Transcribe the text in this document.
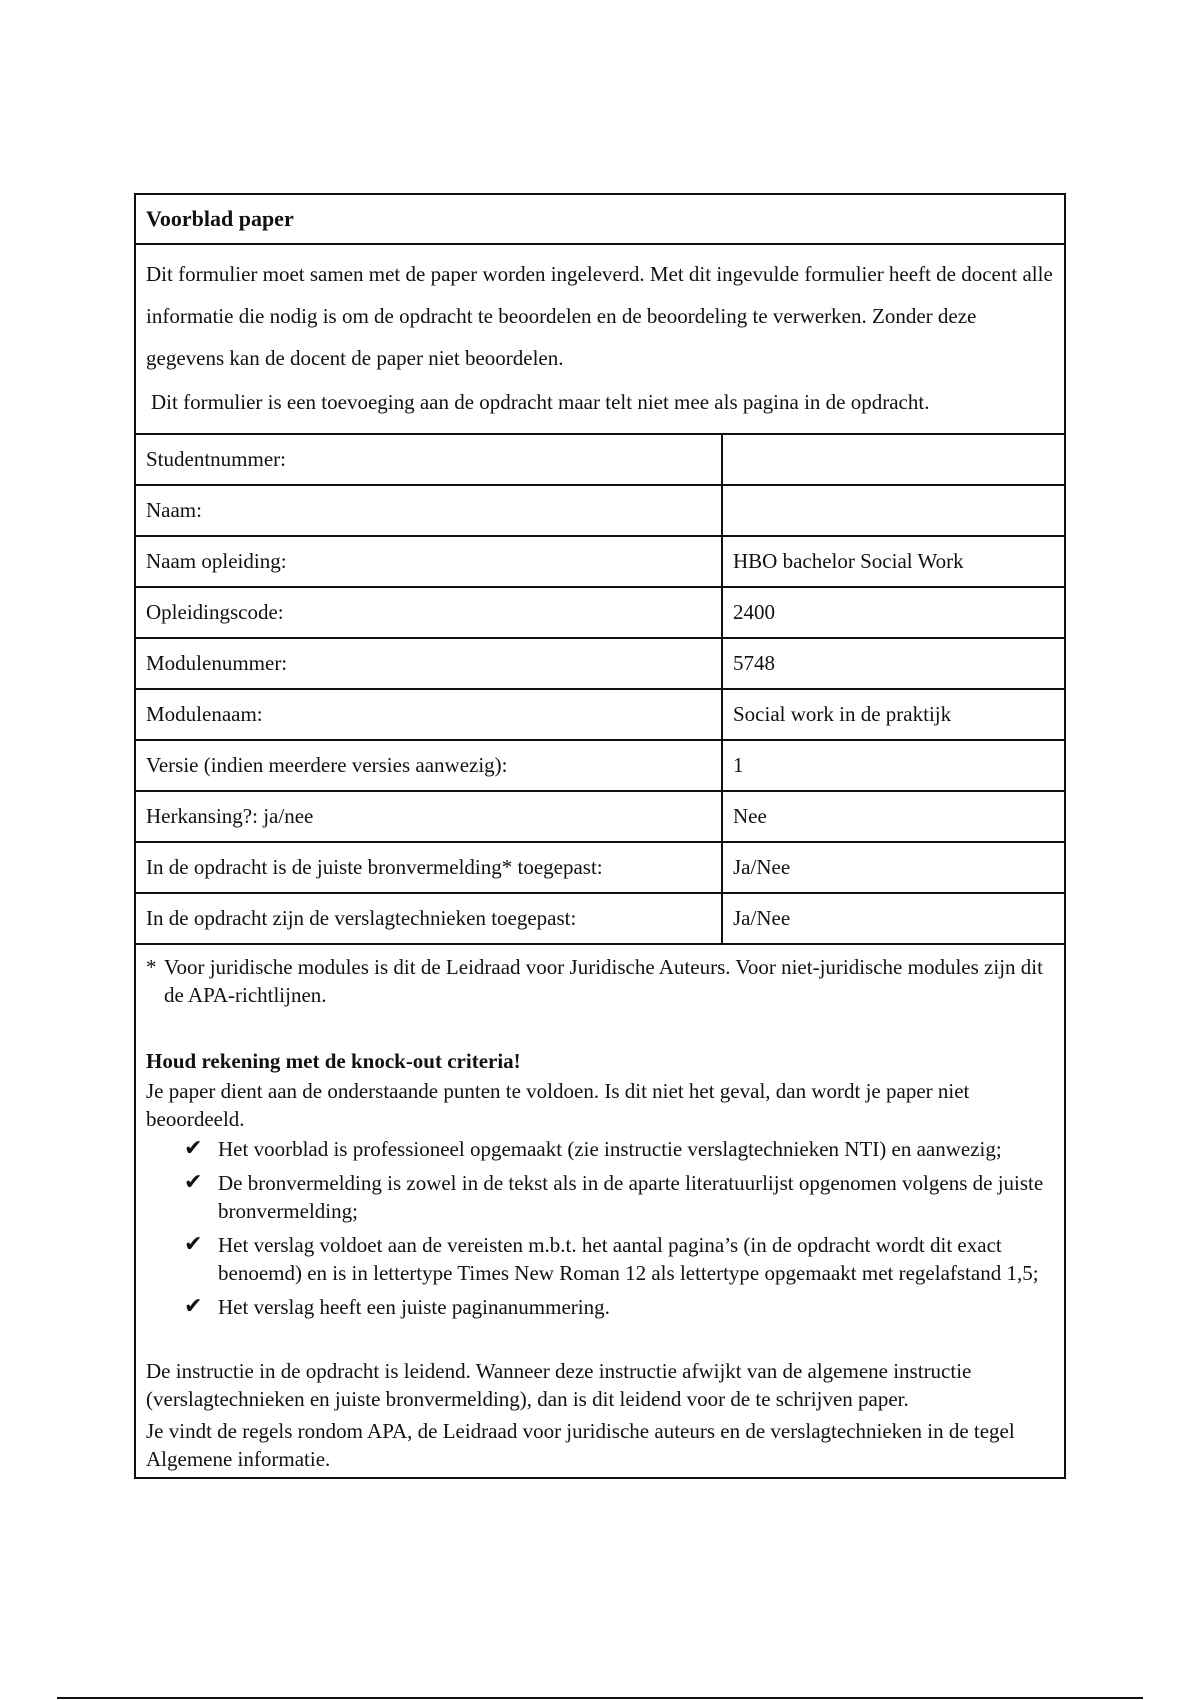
Voorblad paper

Dit formulier moet samen met de paper worden ingeleverd. Met dit ingevulde formulier heeft de docent alle informatie die nodig is om de opdracht te beoordelen en de beoordeling te verwerken. Zonder deze gegevens kan de docent de paper niet beoordelen.

Dit formulier is een toevoeging aan de opdracht maar telt niet mee als pagina in de opdracht.

Studentnummer:
Naam:
Naam opleiding:	HBO bachelor Social Work
Opleidingscode:	2400
Modulenummer:	5748
Modulenaam:	Social work in de praktijk
Versie (indien meerdere versies aanwezig):	1
Herkansing?: ja/nee	Nee
In de opdracht is de juiste bronvermelding* toegepast:	Ja/Nee
In de opdracht zijn de verslagtechnieken toegepast:	Ja/Nee

* Voor juridische modules is dit de Leidraad voor Juridische Auteurs. Voor niet-juridische modules zijn dit de APA-richtlijnen.

Houd rekening met de knock-out criteria!

Je paper dient aan de onderstaande punten te voldoen. Is dit niet het geval, dan wordt je paper niet beoordeeld.

✔ Het voorblad is professioneel opgemaakt (zie instructie verslagtechnieken NTI) en aanwezig;
✔ De bronvermelding is zowel in de tekst als in de aparte literatuurlijst opgenomen volgens de juiste bronvermelding;
✔ Het verslag voldoet aan de vereisten m.b.t. het aantal pagina’s (in de opdracht wordt dit exact benoemd) en is in lettertype Times New Roman 12 als lettertype opgemaakt met regelafstand 1,5;
✔ Het verslag heeft een juiste paginanummering.

De instructie in de opdracht is leidend. Wanneer deze instructie afwijkt van de algemene instructie (verslagtechnieken en juiste bronvermelding), dan is dit leidend voor de te schrijven paper.

Je vindt de regels rondom APA, de Leidraad voor juridische auteurs en de verslagtechnieken in de tegel Algemene informatie.
